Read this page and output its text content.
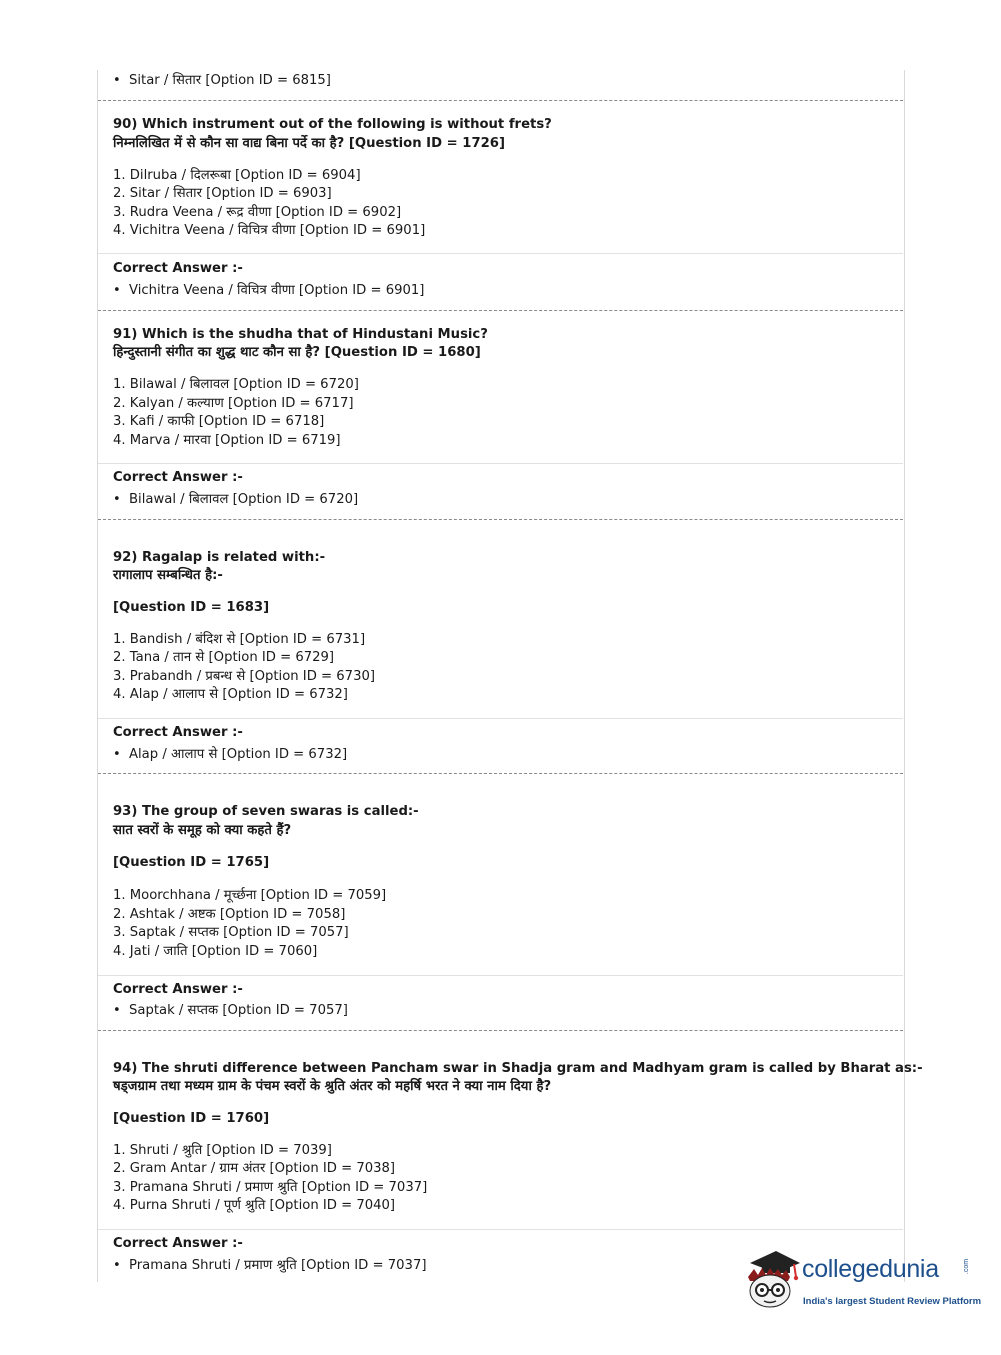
• Sitar / सितार [Option ID = 6815]
90) Which instrument out of the following is without frets?
निम्नलिखित में से कौन सा वाद्य बिना पर्दे का है? [Question ID = 1726]
1. Dilruba / दिलरूबा [Option ID = 6904]
2. Sitar / सितार [Option ID = 6903]
3. Rudra Veena / रूद्र वीणा [Option ID = 6902]
4. Vichitra Veena / विचित्र वीणा [Option ID = 6901]
Correct Answer :-
• Vichitra Veena / विचित्र वीणा [Option ID = 6901]
91) Which is the shudha that of Hindustani Music?
हिन्दुस्तानी संगीत का शुद्ध थाट कौन सा है? [Question ID = 1680]
1. Bilawal / बिलावल [Option ID = 6720]
2. Kalyan / कल्याण [Option ID = 6717]
3. Kafi / काफी [Option ID = 6718]
4. Marva / मारवा [Option ID = 6719]
Correct Answer :-
• Bilawal / बिलावल [Option ID = 6720]
92) Ragalap is related with:-
रागालाप सम्बन्धित है:-
[Question ID = 1683]
1. Bandish / बंदिश से [Option ID = 6731]
2. Tana / तान से [Option ID = 6729]
3. Prabandh / प्रबन्ध से [Option ID = 6730]
4. Alap / आलाप से [Option ID = 6732]
Correct Answer :-
• Alap / आलाप से [Option ID = 6732]
93) The group of seven swaras is called:-
सात स्वरों के समूह को क्या कहते हैं?
[Question ID = 1765]
1. Moorchhana / मूर्च्छना [Option ID = 7059]
2. Ashtak / अष्टक [Option ID = 7058]
3. Saptak / सप्तक [Option ID = 7057]
4. Jati / जाति [Option ID = 7060]
Correct Answer :-
• Saptak / सप्तक [Option ID = 7057]
94) The shruti difference between Pancham swar in Shadja gram and Madhyam gram is called by Bharat as:-
षड्जग्राम तथा मध्यम ग्राम के पंचम स्वरों के श्रुति अंतर को महर्षि भरत ने क्या नाम दिया है?
[Question ID = 1760]
1. Shruti / श्रुति [Option ID = 7039]
2. Gram Antar / ग्राम अंतर [Option ID = 7038]
3. Pramana Shruti / प्रमाण श्रुति [Option ID = 7037]
4. Purna Shruti / पूर्ण श्रुति [Option ID = 7040]
Correct Answer :-
• Pramana Shruti / प्रमाण श्रुति [Option ID = 7037]	collegedunia	.com
India's largest Student Review Platform
